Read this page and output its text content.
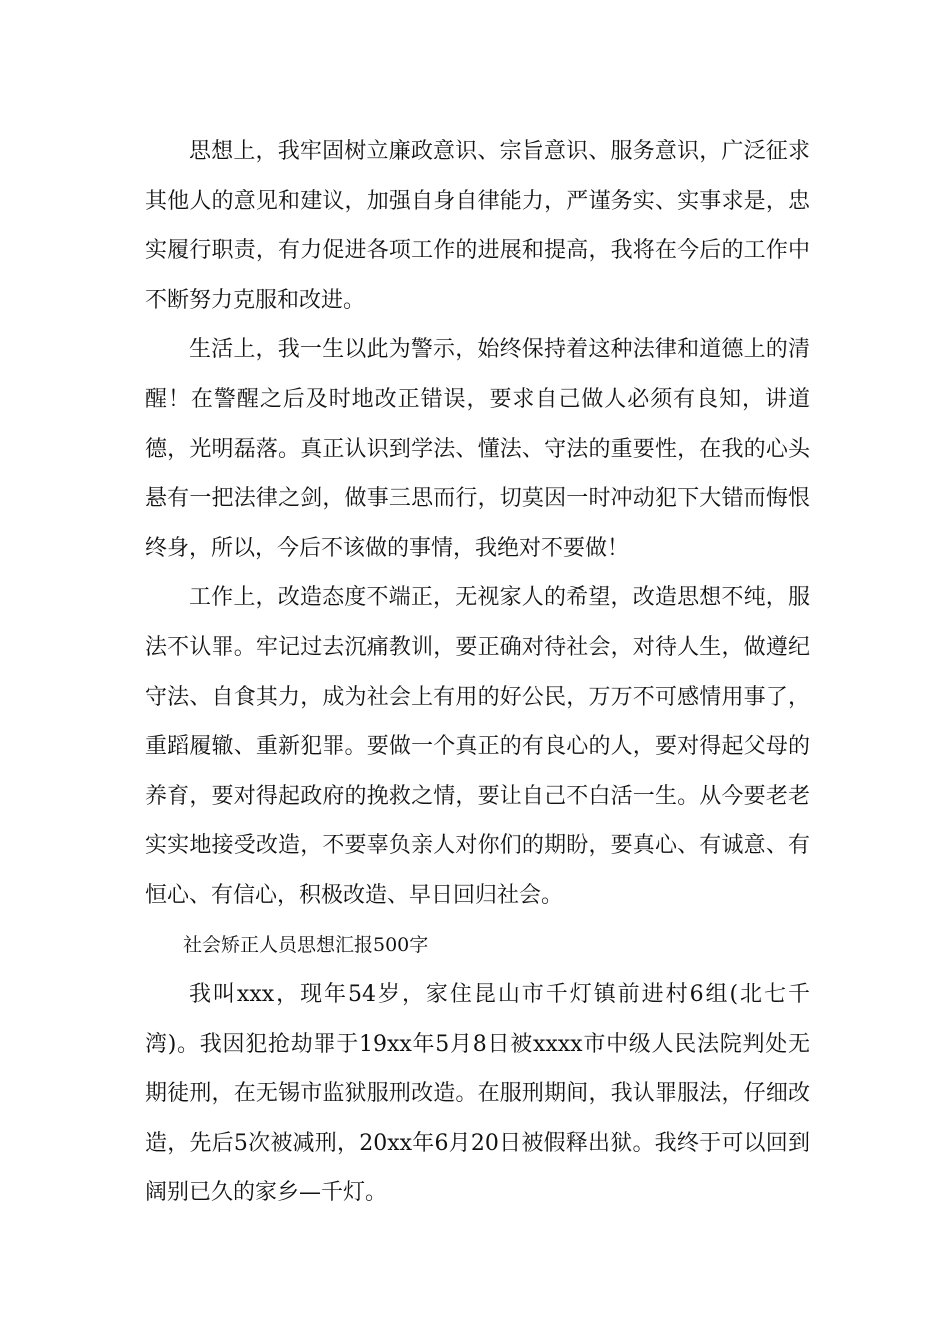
思想上，我牢固树立廉政意识、宗旨意识、服务意识，广泛征求其他人的意见和建议，加强自身自律能力，严谨务实、实事求是，忠实履行职责，有力促进各项工作的进展和提高，我将在今后的工作中不断努力克服和改进。

生活上，我一生以此为警示，始终保持着这种法律和道德上的清醒！在警醒之后及时地改正错误，要求自己做人必须有良知，讲道德，光明磊落。真正认识到学法、懂法、守法的重要性，在我的心头悬有一把法律之剑，做事三思而行，切莫因一时冲动犯下大错而悔恨终身，所以，今后不该做的事情，我绝对不要做！

工作上，改造态度不端正，无视家人的希望，改造思想不纯，服法不认罪。牢记过去沉痛教训，要正确对待社会，对待人生，做遵纪守法、自食其力，成为社会上有用的好公民，万万不可感情用事了，重蹈履辙、重新犯罪。要做一个真正的有良心的人，要对得起父母的养育，要对得起政府的挽救之情，要让自己不白活一生。从今要老老实实地接受改造，不要辜负亲人对你们的期盼，要真心、有诚意、有恒心、有信心，积极改造、早日回归社会。

社会矫正人员思想汇报500字

我叫xxx，现年54岁，家住昆山市千灯镇前进村6组(北七千湾)。我因犯抢劫罪于19xx年5月8日被xxxx市中级人民法院判处无期徒刑，在无锡市监狱服刑改造。在服刑期间，我认罪服法，仔细改造，先后5次被减刑，20xx年6月20日被假释出狱。我终于可以回到阔别已久的家乡—千灯。
